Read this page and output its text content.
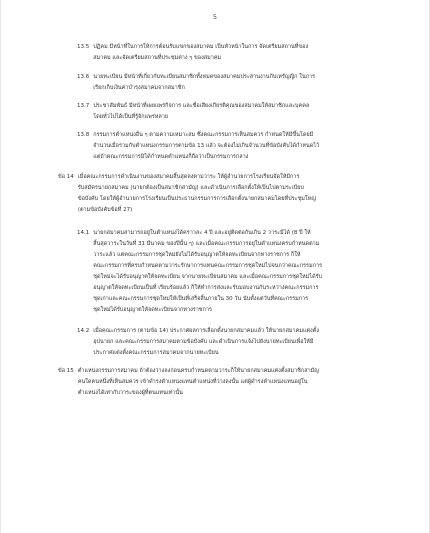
5
13.5 ปฏิคม มีหน้าที่ในการให้การต้อนรับแขกของสมาคม เป็นหัวหน้าในการ จัดเตรียมสถานที่ของ
สมาคม และจัดเตรียมสถานที่ประชุมต่าง ๆ ของสมาคม
13.6 นายทะเบียน มีหน้าที่เกี่ยวกับทะเบียนสมาชิกทั้งหมดของสมาคมประสานงานกับเหรัญญิก ในการ
เรียกเก็บเงินค่าบำรุงสมาคมจากสมาชิก
13.7 ประชาสัมพันธ์ มีหน้าที่เผยแพร่กิจการ และชื่อเสียงเกียรติคุณของสมาคมให้สมาชิกและบุคคล
โดยทั่วไปได้เป็นที่รู้จักแพร่หลาย
13.8 กรรมการตำแหน่งอื่น ๆ ตามความเหมาะสม ซึ่งคณะกรรมการเห็นสมควร กำหนดให้มีขึ้นโดยมี
จำนวนเมื่อรวมกับตำแหน่งกรรมการตามข้อ 13 แล้ว จะต้องไม่เกินจำนวนที่ข้อบังคับได้กำหนดไว้
แต่ถ้าคณะกรรมการมิได้กำหนดตำแหน่งก็ถือว่าเป็นกรรมการกลาง
ข้อ 14 เมื่อคณะกรรมการดำเนินงานของสมาคมสิ้นสุดลงตามวาระ ให้ผู้อำนวยการโรงเรียนจัดให้มีการ
รับสมัครนายกสมาคม (นายกต้องเป็นสมาชิกสามัญ) และดำเนินการเลือกตั้งให้เป็นไปตามระเบียบ
ข้อบังคับ โดยให้ผู้อำนวยการโรงเรียนเป็นประธานกรรมการการเลือกตั้งนายกสมาคมโดยที่ประชุมใหญ่
(ตามข้อบังคับข้อที่ 27)
14.1 นายกสมาคมสามารถอยู่ในตำแหน่งได้คราวละ 4 ปี และอยู่ติดต่อกันเกิน 2 วาระมิได้ (8 ปี ให้
สิ้นสุดวาระในวันที่ 31 มีนาคม ของปีนั้น ๆ) และเมื่อคณะกรรมการอยู่ในตำแหน่งครบกำหนดตาม
วาระแล้ว แต่คณะกรรมการชุดใหม่ยังไม่ได้รับอนุญาตให้จดทะเบียนจากทางราชการ ก็ให้
คณะกรรมการที่ครบกำหนดตามวาระรักษาการแทนคณะกรรมการชุดใหม่ไปจนกว่าคณะกรรมการ
ชุดใหม่จะได้รับอนุญาตให้จดทะเบียน จากนายทะเบียนสมาคม และเมื่อคณะกรรมการชุดใหม่ได้รับ
อนุญาตให้จดทะเบียนเป็นที่ เรียบร้อยแล้ว ก็ให้ทำการส่งและรับมอบงานกันระหว่างคณะกรรมการ
ชุดเก่าและคณะกรรมการชุดใหม่ให้เป็นที่เสร็จสิ้นภายใน 30 วัน นับตั้งแต่วันที่คณะกรรมการ
ชุดใหม่ได้รับอนุญาตให้จดทะเบียนจากทางราชการ
14.2 เมื่อคณะกรรมการ (ตามข้อ 14) ประกาศผลการเลือกตั้งนายกสมาคมแล้ว ให้นายกสมาคมแต่งตั้ง
อุปนายก และคณะกรรมการสมาคมตามข้อบังคับ และดำเนินการแจ้งไปยังนายทะเบียนเพื่อให้มี
ประกาศแต่งตั้งคณะกรรมการสมาคมจากนายทะเบียน
ข้อ 15 ตำแหน่งกรรมการสมาคม ถ้าต้องว่างลงก่อนครบกำหนดตามวาระก็ให้นายกสมาคมแต่งตั้งสมาชิกสามัญ
คนใดคนหนึ่งที่เห็นสมควร เข้าดำรงตำแหน่งแทนตำแหน่งที่ว่างลงนั้น แต่ผู้ดำรงตำแหน่งแทนอยู่ใน
ตำแหน่งได้เท่ากับวาระของผู้ที่ตนแทนเท่านั้น
